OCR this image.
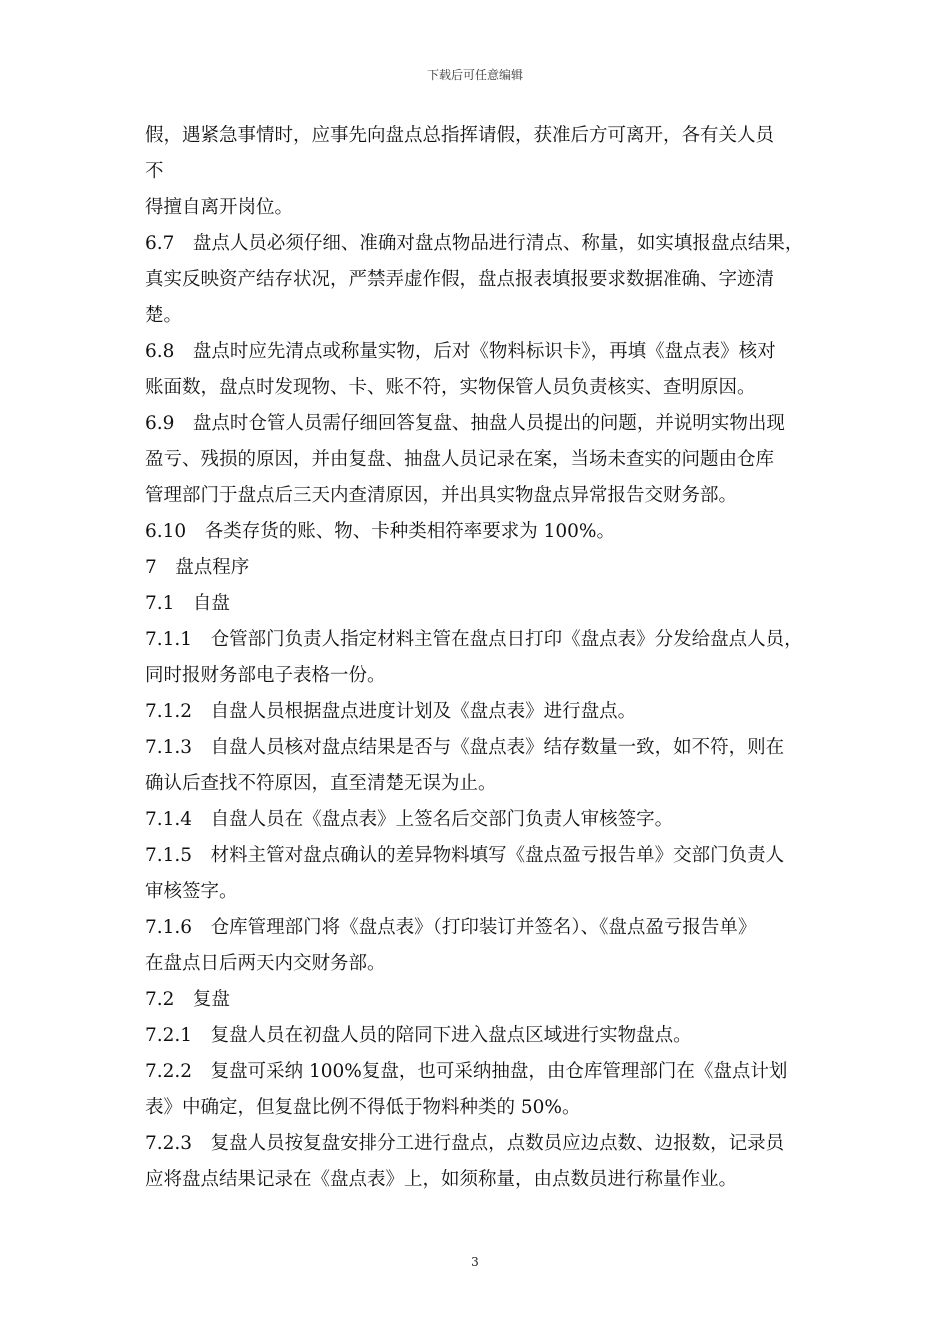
下载后可任意编辑
假，遇紧急事情时，应事先向盘点总指挥请假，获准后方可离开，各有关人员
不
得擅自离开岗位。
6.7　盘点人员必须仔细、准确对盘点物品进行清点、称量，如实填报盘点结果，
真实反映资产结存状况，严禁弄虚作假，盘点报表填报要求数据准确、字迹清
楚。
6.8　盘点时应先清点或称量实物，后对《物料标识卡》，再填《盘点表》核对
账面数，盘点时发现物、卡、账不符，实物保管人员负责核实、查明原因。
6.9　盘点时仓管人员需仔细回答复盘、抽盘人员提出的问题，并说明实物出现
盈亏、残损的原因，并由复盘、抽盘人员记录在案，当场未查实的问题由仓库
管理部门于盘点后三天内查清原因，并出具实物盘点异常报告交财务部。
6.10　各类存货的账、物、卡种类相符率要求为 100%。
7　盘点程序
7.1　自盘
7.1.1　仓管部门负责人指定材料主管在盘点日打印《盘点表》分发给盘点人员，
同时报财务部电子表格一份。
7.1.2　自盘人员根据盘点进度计划及《盘点表》进行盘点。
7.1.3　自盘人员核对盘点结果是否与《盘点表》结存数量一致，如不符，则在
确认后查找不符原因，直至清楚无误为止。
7.1.4　自盘人员在《盘点表》上签名后交部门负责人审核签字。
7.1.5　材料主管对盘点确认的差异物料填写《盘点盈亏报告单》交部门负责人
审核签字。
7.1.6　仓库管理部门将《盘点表》（打印装订并签名）、《盘点盈亏报告单》
在盘点日后两天内交财务部。
7.2　复盘
7.2.1　复盘人员在初盘人员的陪同下进入盘点区域进行实物盘点。
7.2.2　复盘可采纳 100%复盘，也可采纳抽盘，由仓库管理部门在《盘点计划
表》中确定，但复盘比例不得低于物料种类的 50%。
7.2.3　复盘人员按复盘安排分工进行盘点，点数员应边点数、边报数，记录员
应将盘点结果记录在《盘点表》上，如须称量，由点数员进行称量作业。
3
